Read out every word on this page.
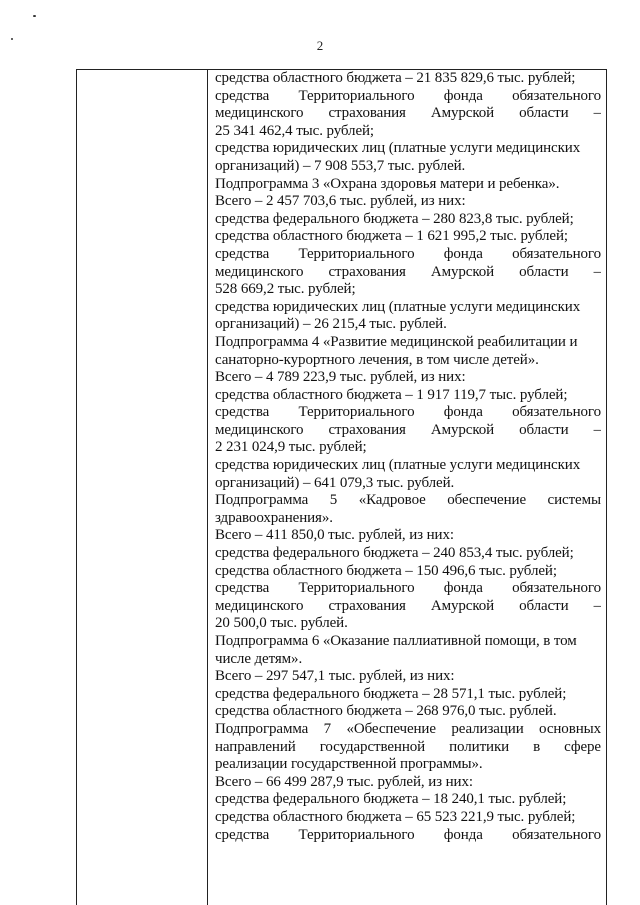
2
средства областного бюджета – 21 835 829,6 тыс. рублей;
средства Территориального фонда обязательного
медицинского страхования Амурской области –
25 341 462,4 тыс. рублей;
средства юридических лиц (платные услуги медицинских
организаций) – 7 908 553,7 тыс. рублей.
Подпрограмма 3 «Охрана здоровья матери и ребенка».
Всего – 2 457 703,6 тыс. рублей, из них:
средства федерального бюджета – 280 823,8 тыс. рублей;
средства областного бюджета – 1 621 995,2 тыс. рублей;
средства Территориального фонда обязательного
медицинского страхования Амурской области –
528 669,2 тыс. рублей;
средства юридических лиц (платные услуги медицинских
организаций) – 26 215,4 тыс. рублей.
Подпрограмма 4 «Развитие медицинской реабилитации и
санаторно-курортного лечения, в том числе детей».
Всего – 4 789 223,9 тыс. рублей, из них:
средства областного бюджета – 1 917 119,7 тыс. рублей;
средства Территориального фонда обязательного
медицинского страхования Амурской области –
2 231 024,9 тыс. рублей;
средства юридических лиц (платные услуги медицинских
организаций) – 641 079,3 тыс. рублей.
Подпрограмма 5 «Кадровое обеспечение системы
здравоохранения».
Всего – 411 850,0 тыс. рублей, из них:
средства федерального бюджета – 240 853,4 тыс. рублей;
средства областного бюджета – 150 496,6 тыс. рублей;
средства Территориального фонда обязательного
медицинского страхования Амурской области –
20 500,0 тыс. рублей.
Подпрограмма 6 «Оказание паллиативной помощи, в том
числе детям».
Всего – 297 547,1 тыс. рублей, из них:
средства федерального бюджета – 28 571,1 тыс. рублей;
средства областного бюджета – 268 976,0 тыс. рублей.
Подпрограмма 7 «Обеспечение реализации основных
направлений государственной политики в сфере
реализации государственной программы».
Всего – 66 499 287,9 тыс. рублей, из них:
средства федерального бюджета – 18 240,1 тыс. рублей;
средства областного бюджета – 65 523 221,9 тыс. рублей;
средства Территориального фонда обязательного
